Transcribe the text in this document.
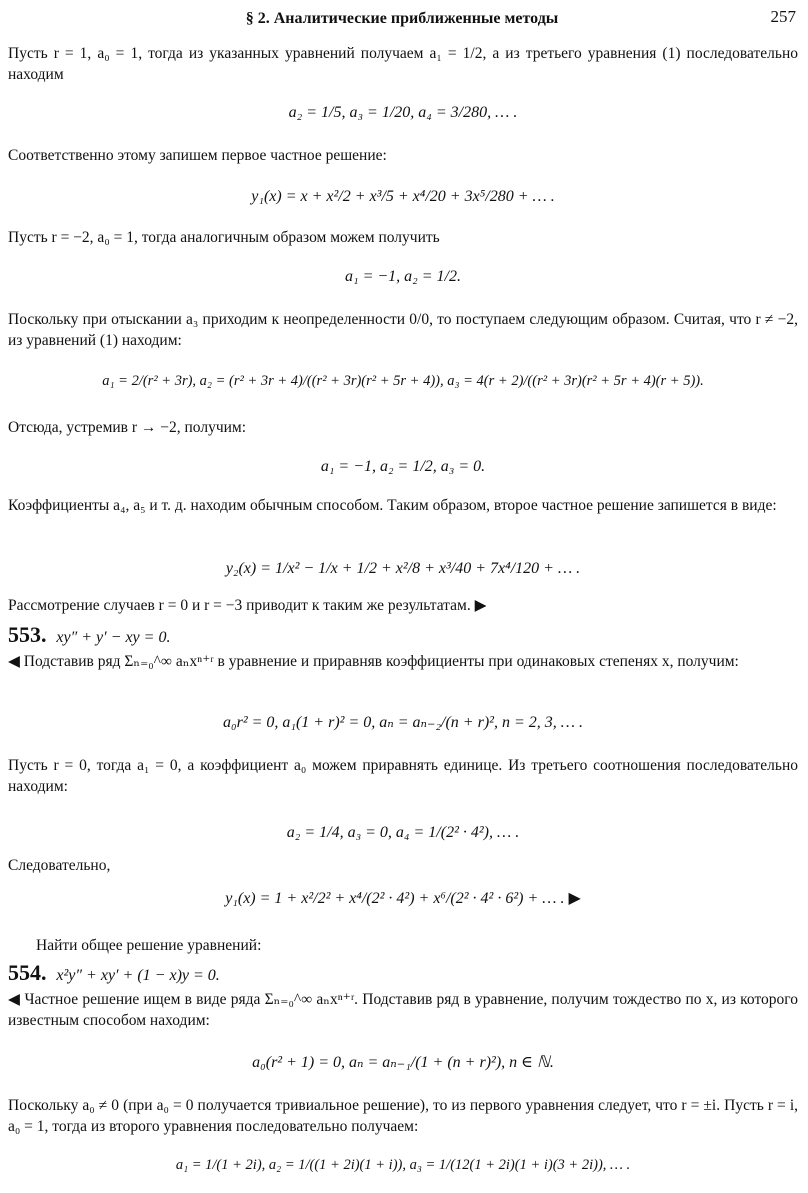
§ 2. Аналитические приближенные методы	257
Пусть r = 1, a₀ = 1, тогда из указанных уравнений получаем a₁ = 1/2, а из третьего уравнения (1) последовательно находим
a₂ = 1/5, a₃ = 1/20, a₄ = 3/280, … .
Соответственно этому запишем первое частное решение:
y₁(x) = x + x²/2 + x³/5 + x⁴/20 + 3x⁵/280 + … .
Пусть r = −2, a₀ = 1, тогда аналогичным образом можем получить
a₁ = −1, a₂ = 1/2.
Поскольку при отыскании a₃ приходим к неопределенности 0/0, то поступаем следующим образом. Считая, что r ≠ −2, из уравнений (1) находим:
a₁ = 2/(r² + 3r), a₂ = (r² + 3r + 4)/((r² + 3r)(r² + 5r + 4)), a₃ = 4(r + 2)/((r² + 3r)(r² + 5r + 4)(r + 5)).
Отсюда, устремив r → −2, получим:
a₁ = −1, a₂ = 1/2, a₃ = 0.
Коэффициенты a₄, a₅ и т. д. находим обычным способом. Таким образом, второе частное решение запишется в виде:
y₂(x) = 1/x² − 1/x + 1/2 + x²/8 + x³/40 + 7x⁴/120 + … .
Рассмотрение случаев r = 0 и r = −3 приводит к таким же результатам. ▶
553. xy″ + y′ − xy = 0.
◀ Подставив ряд Σₙ₌₀^∞ aₙxⁿ⁺ʳ в уравнение и приравняв коэффициенты при одинаковых степенях x, получим:
a₀r² = 0, a₁(1 + r)² = 0, aₙ = aₙ₋₂/(n + r)², n = 2, 3, … .
Пусть r = 0, тогда a₁ = 0, а коэффициент a₀ можем приравнять единице. Из третьего соотношения последовательно находим:
a₂ = 1/4, a₃ = 0, a₄ = 1/(2² · 4²), … .
Следовательно,
y₁(x) = 1 + x²/2² + x⁴/(2² · 4²) + x⁶/(2² · 4² · 6²) + … . ▶
Найти общее решение уравнений:
554. x²y″ + xy′ + (1 − x)y = 0.
◀ Частное решение ищем в виде ряда Σₙ₌₀^∞ aₙxⁿ⁺ʳ. Подставив ряд в уравнение, получим тождество по x, из которого известным способом находим:
a₀(r² + 1) = 0, aₙ = aₙ₋₁/(1 + (n + r)²), n ∈ ℕ.
Поскольку a₀ ≠ 0 (при a₀ = 0 получается тривиальное решение), то из первого уравнения следует, что r = ±i. Пусть r = i, a₀ = 1, тогда из второго уравнения последовательно получаем:
a₁ = 1/(1 + 2i), a₂ = 1/((1 + 2i)(1 + i)), a₃ = 1/(12(1 + 2i)(1 + i)(3 + 2i)), … .
